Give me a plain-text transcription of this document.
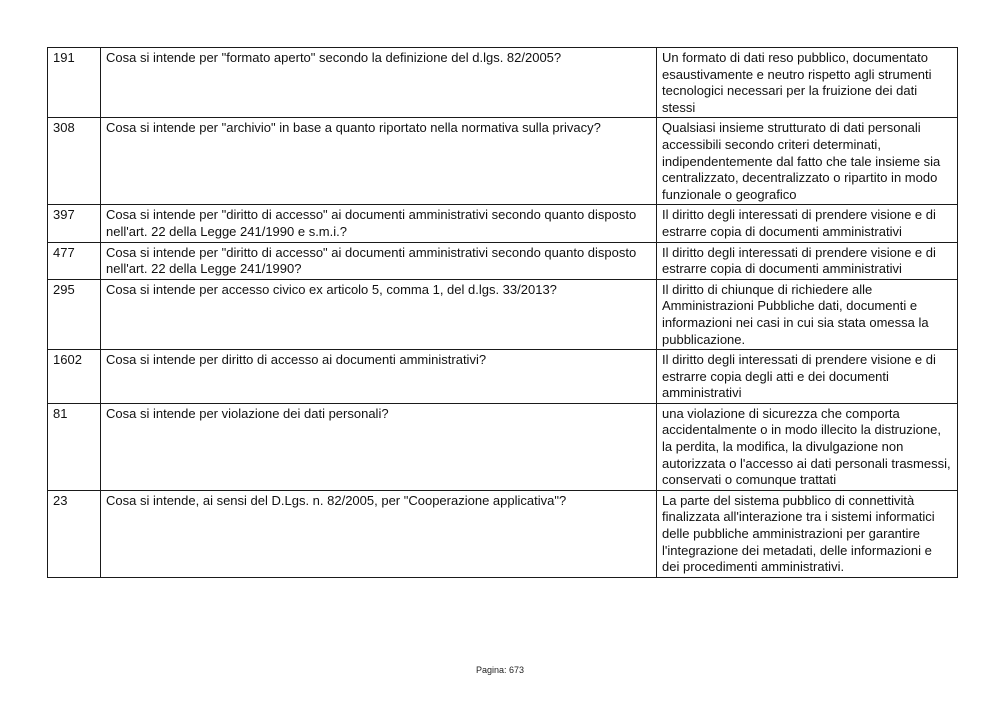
191	Cosa si intende per "formato aperto" secondo la definizione del d.lgs. 82/2005?	Un formato di dati reso pubblico, documentato esaustivamente e neutro rispetto agli strumenti tecnologici necessari per la fruizione dei dati stessi
308	Cosa si intende per "archivio" in base a quanto riportato nella normativa sulla privacy?	Qualsiasi insieme strutturato di dati personali accessibili secondo criteri determinati, indipendentemente dal fatto che tale insieme sia centralizzato, decentralizzato o ripartito in modo funzionale o geografico
397	Cosa si intende per "diritto di accesso" ai documenti amministrativi secondo quanto disposto nell'art. 22 della Legge 241/1990 e s.m.i.?	Il diritto degli interessati di prendere visione e di estrarre copia di documenti amministrativi
477	Cosa si intende per "diritto di accesso" ai documenti amministrativi secondo quanto disposto nell'art. 22 della Legge 241/1990?	Il diritto degli interessati di prendere visione e di estrarre copia di documenti amministrativi
295	Cosa si intende per accesso civico ex articolo 5, comma 1, del d.lgs. 33/2013?	Il diritto di chiunque di richiedere alle Amministrazioni Pubbliche dati, documenti e informazioni nei casi in cui sia stata omessa la pubblicazione.
1602	Cosa si intende per diritto di accesso ai documenti amministrativi?	Il diritto degli interessati di prendere visione e di estrarre copia degli atti e dei documenti amministrativi
81	Cosa si intende per violazione dei dati personali?	una violazione di sicurezza che comporta accidentalmente o in modo illecito la distruzione, la perdita, la modifica, la divulgazione non autorizzata o l'accesso ai dati personali trasmessi, conservati o comunque trattati
23	Cosa si intende, ai sensi del D.Lgs. n. 82/2005, per "Cooperazione applicativa"?	La parte del sistema pubblico di connettività finalizzata all'interazione tra i sistemi informatici delle pubbliche amministrazioni per garantire l'integrazione dei metadati, delle informazioni e dei procedimenti amministrativi.
Pagina: 673
